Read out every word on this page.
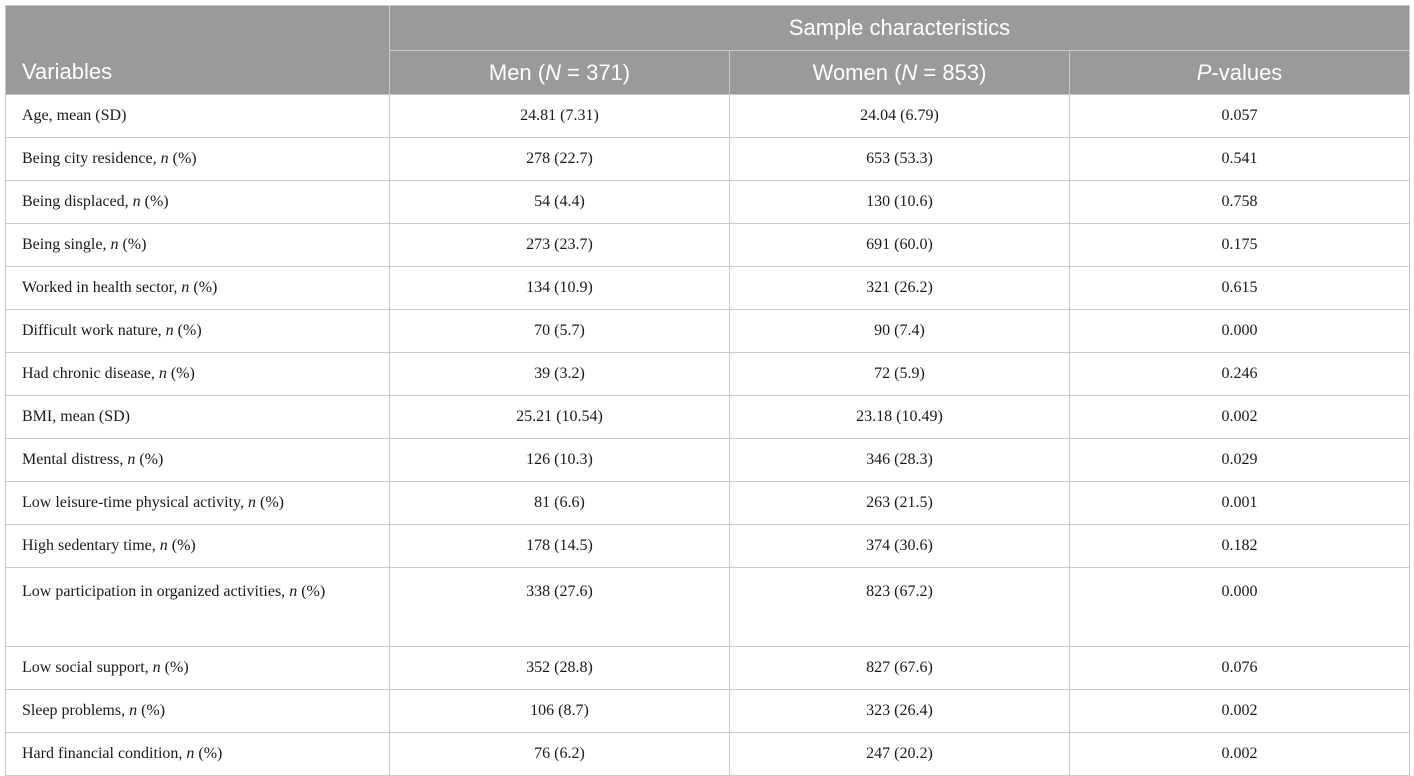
Variables	Sample characteristics		
	Men (N = 371)	Women (N = 853)	P-values
Age, mean (SD)	24.81 (7.31)	24.04 (6.79)	0.057
Being city residence, n (%)	278 (22.7)	653 (53.3)	0.541
Being displaced, n (%)	54 (4.4)	130 (10.6)	0.758
Being single, n (%)	273 (23.7)	691 (60.0)	0.175
Worked in health sector, n (%)	134 (10.9)	321 (26.2)	0.615
Difficult work nature, n (%)	70 (5.7)	90 (7.4)	0.000
Had chronic disease, n (%)	39 (3.2)	72 (5.9)	0.246
BMI, mean (SD)	25.21 (10.54)	23.18 (10.49)	0.002
Mental distress, n (%)	126 (10.3)	346 (28.3)	0.029
Low leisure-time physical activity, n (%)	81 (6.6)	263 (21.5)	0.001
High sedentary time, n (%)	178 (14.5)	374 (30.6)	0.182
Low participation in organized activities, n (%)	338 (27.6)	823 (67.2)	0.000
Low social support, n (%)	352 (28.8)	827 (67.6)	0.076
Sleep problems, n (%)	106 (8.7)	323 (26.4)	0.002
Hard financial condition, n (%)	76 (6.2)	247 (20.2)	0.002
